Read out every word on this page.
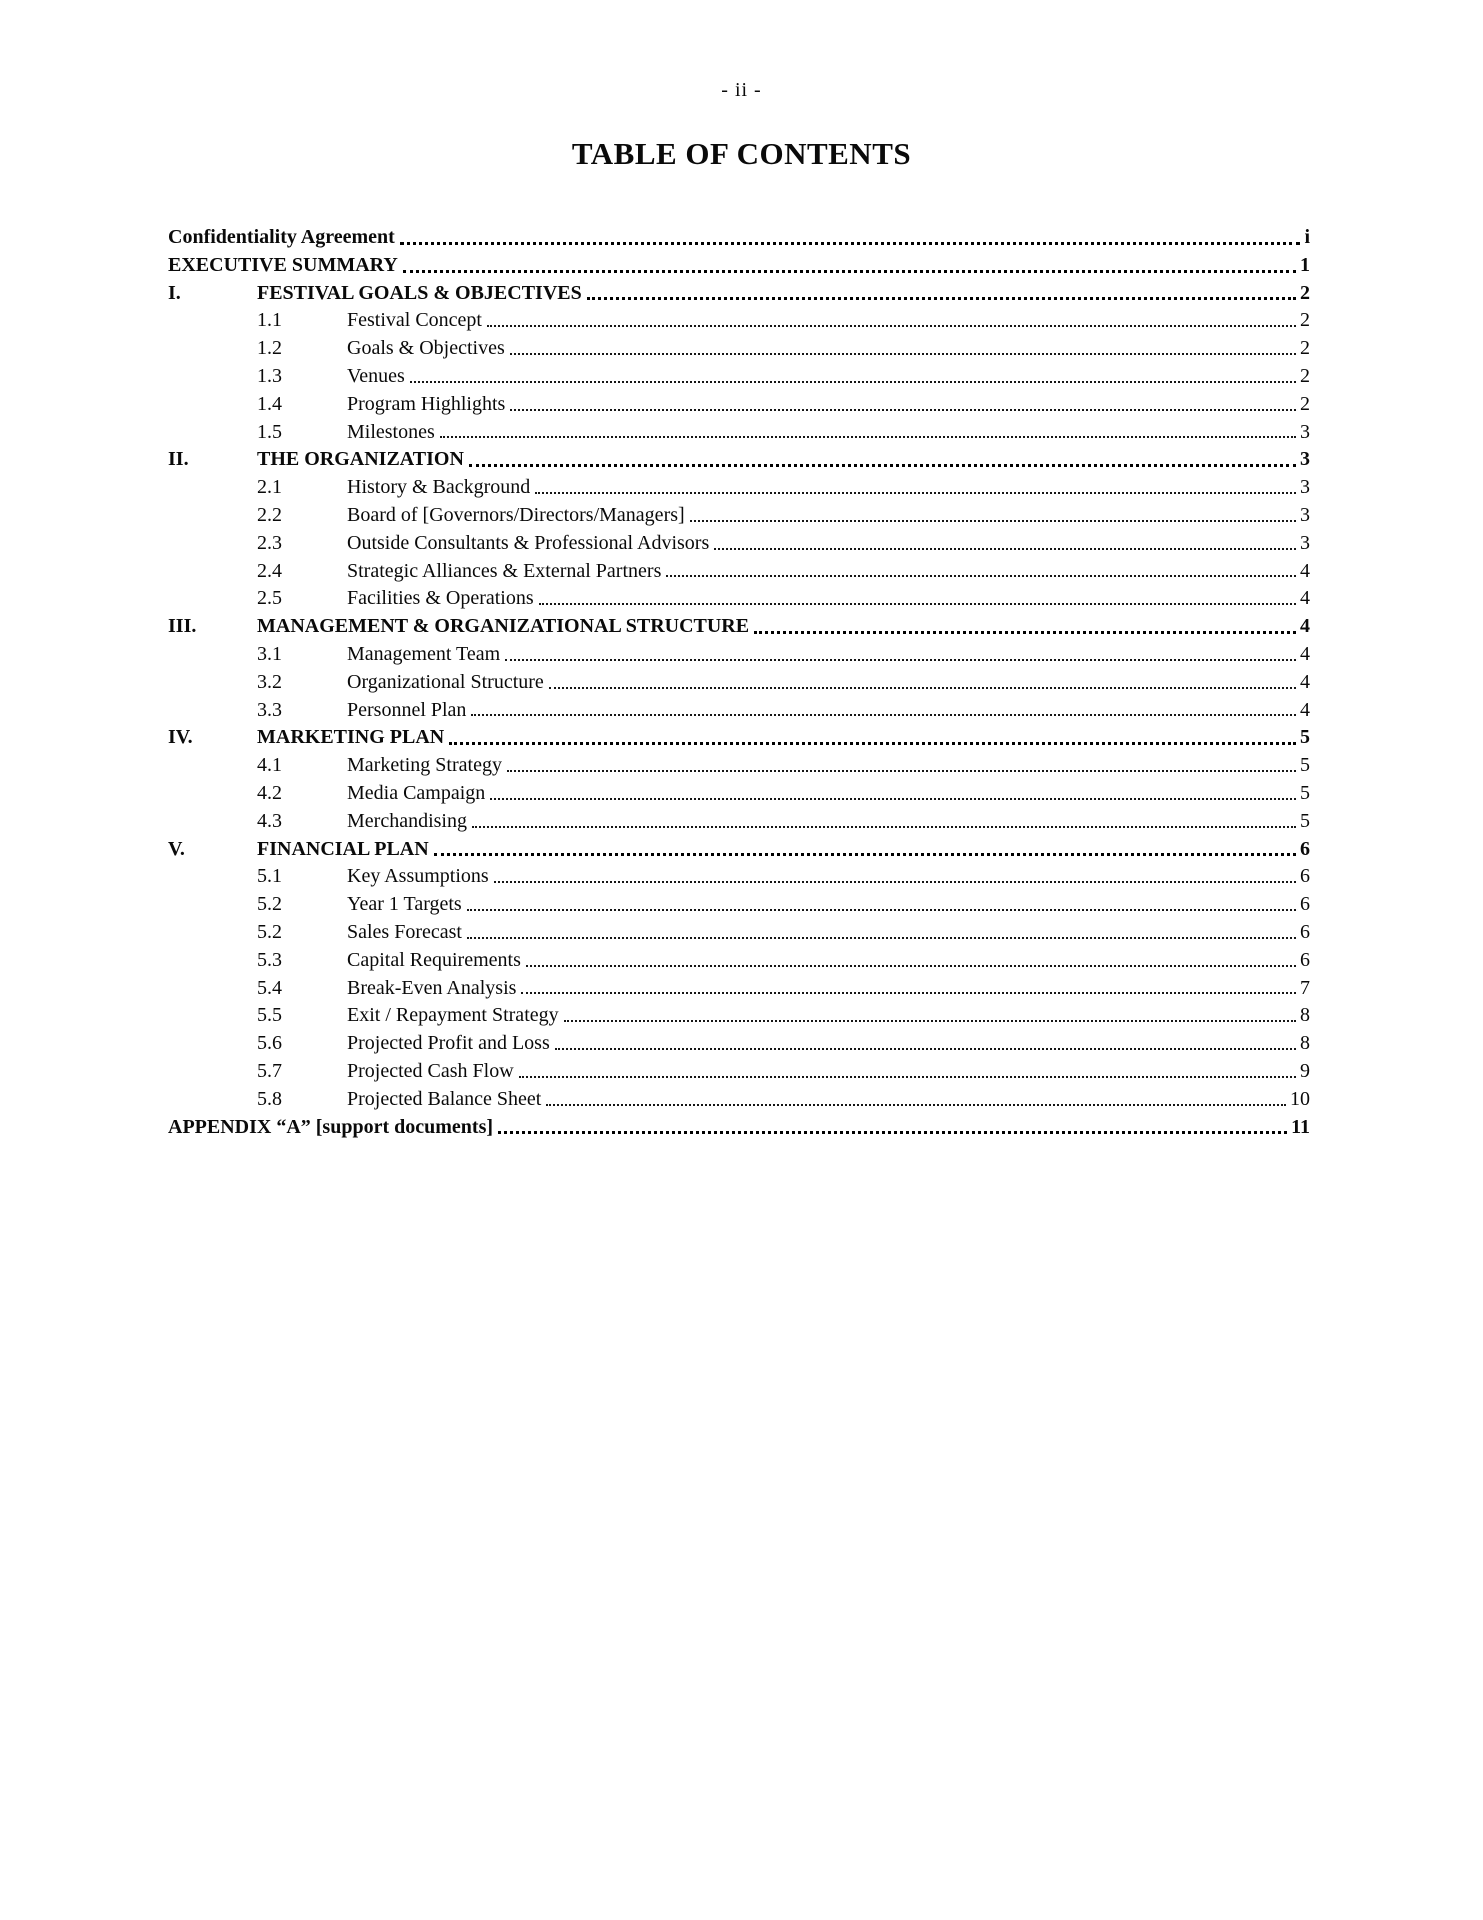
- ii -
TABLE OF CONTENTS
Confidentiality Agreement	i
EXECUTIVE SUMMARY	1
I.	FESTIVAL GOALS & OBJECTIVES	2
1.1	Festival Concept	2
1.2	Goals & Objectives	2
1.3	Venues	2
1.4	Program Highlights	2
1.5	Milestones	3
II.	THE ORGANIZATION	3
2.1	History & Background	3
2.2	Board of [Governors/Directors/Managers]	3
2.3	Outside Consultants & Professional Advisors	3
2.4	Strategic Alliances & External Partners	4
2.5	Facilities & Operations	4
III.	MANAGEMENT & ORGANIZATIONAL STRUCTURE	4
3.1	Management Team	4
3.2	Organizational Structure	4
3.3	Personnel Plan	4
IV.	MARKETING PLAN	5
4.1	Marketing Strategy	5
4.2	Media Campaign	5
4.3	Merchandising	5
V.	FINANCIAL PLAN	6
5.1	Key Assumptions	6
5.2	Year 1 Targets	6
5.2	Sales Forecast	6
5.3	Capital Requirements	6
5.4	Break-Even Analysis	7
5.5	Exit / Repayment Strategy	8
5.6	Projected Profit and Loss	8
5.7	Projected Cash Flow	9
5.8	Projected Balance Sheet	10
APPENDIX “A” [support documents]	11
